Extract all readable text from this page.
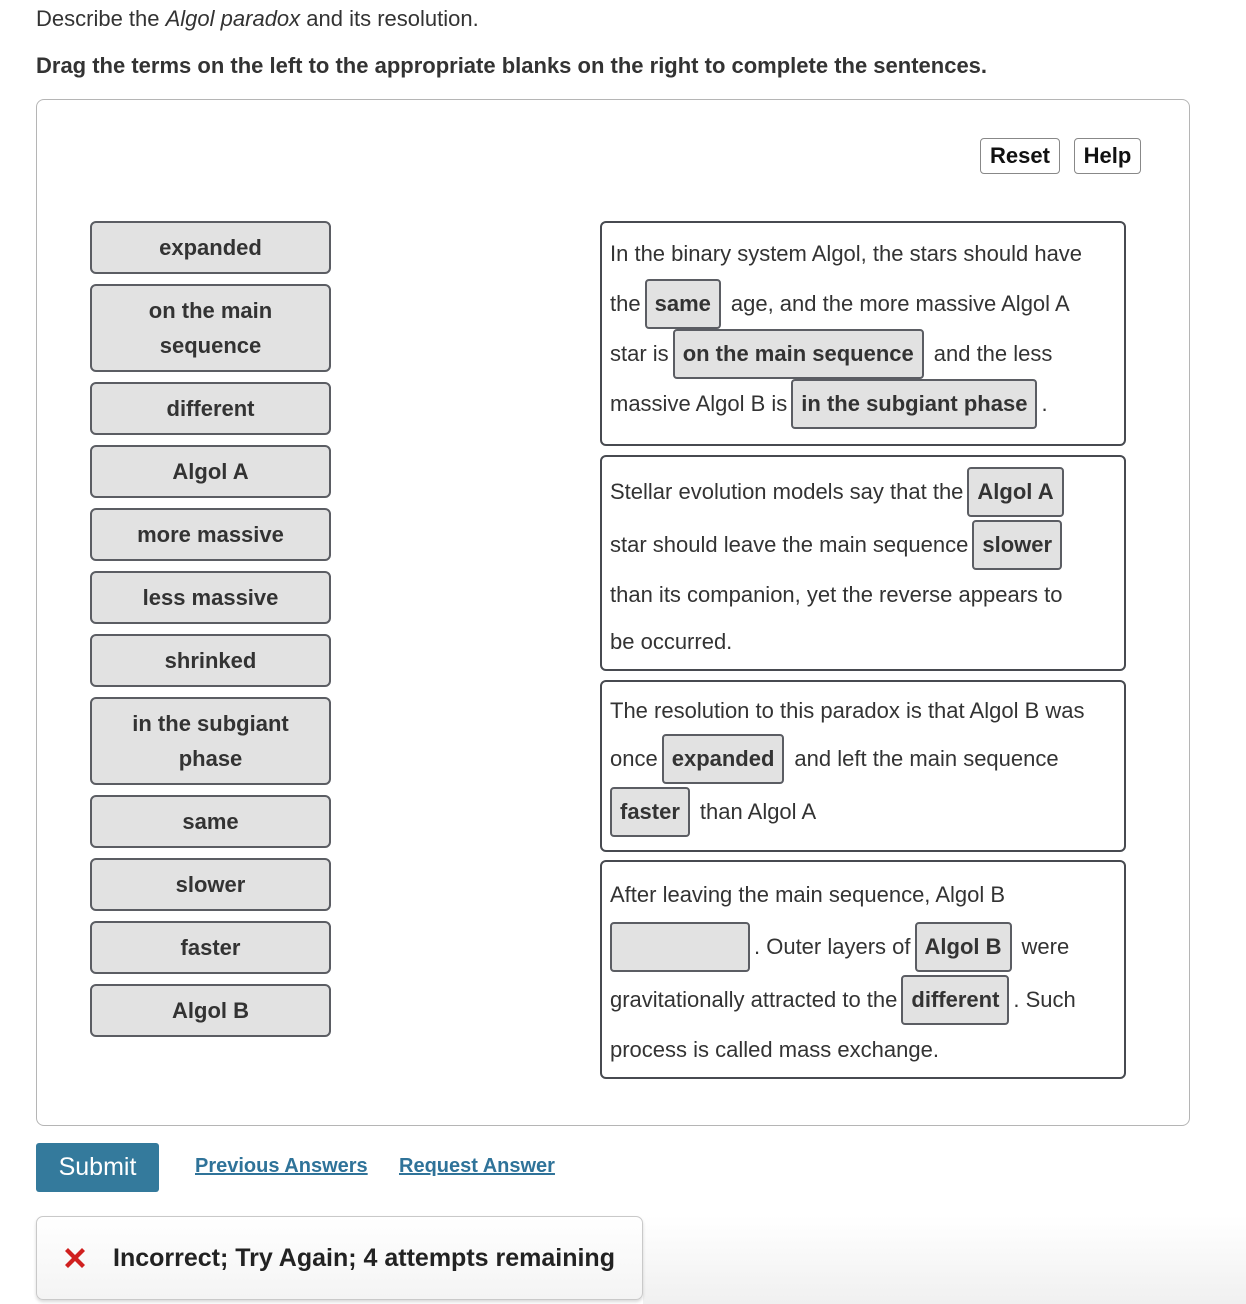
Describe the Algol paradox and its resolution.
Drag the terms on the left to the appropriate blanks on the right to complete the sentences.
Reset	Help
expanded
on the main sequence
different
Algol A
more massive
less massive
shrinked
in the subgiant phase
same
slower
faster
Algol B
In the binary system Algol, the stars should have
the same age, and the more massive Algol A
star is on the main sequence and the less
massive Algol B is in the subgiant phase .
Stellar evolution models say that the Algol A
star should leave the main sequence slower
than its companion, yet the reverse appears to
be occurred.
The resolution to this paradox is that Algol B was
once expanded and left the main sequence
faster than Algol A
After leaving the main sequence, Algol B
. Outer layers of Algol B were
gravitationally attracted to the different . Such
process is called mass exchange.
Submit	Previous Answers Request Answer
Incorrect; Try Again; 4 attempts remaining
